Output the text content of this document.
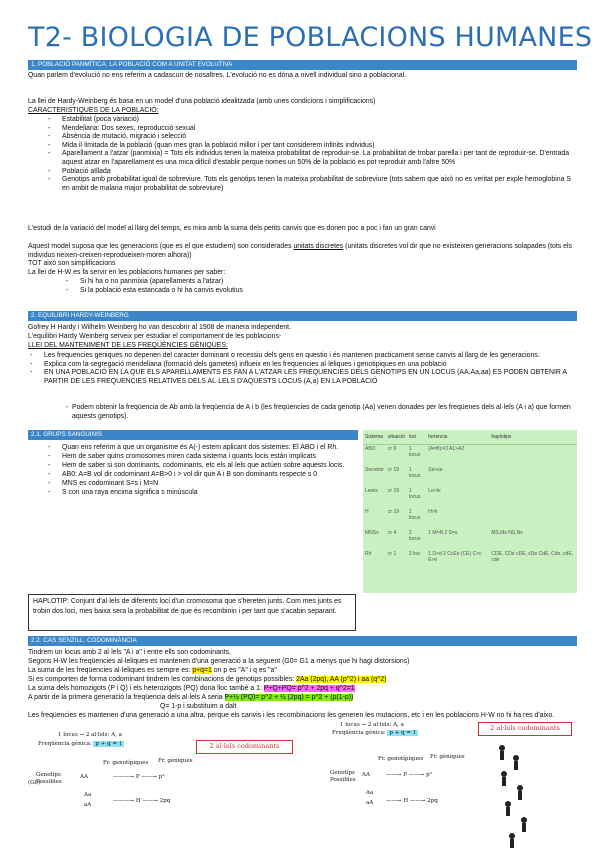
T2- BIOLOGIA DE POBLACIONS HUMANES
1. POBLACIÓ PANMÍTICA: LA POBLACIÓ COM A UNITAT EVOLUTIVA
Quan parlem d'evolució no ens referim a cadascun de nosaltres. L'evolució no es dóna a nivell individual sino a poblacional.
La llei de Hardy-Weinberg és basa en un model d'una població idealitzada (amb unes condicions i simplificacions)
CARACTERISTIQUES DE LA POBLACIÓ:
- Estabilitat (poca variació)
- Mendeliana: Dos sexes, reproducció sexual
- Absència de mutació, migració i selecció
- Mida il·limitada de la població (quan mes gran la població millor i per tant considerem infinits individus)
- Aparellament a l'atzar (panmixia) = Tots els individus tenen la mateixa probabilitat de reproduir-se. La probabilitat de trobar parella i per tant de reproduir-se. D'entrada aquest atzar en l'aparellament es una mica difícil d'establir perque nomes un 50% de la població es pot reproduir amb l'altre 50%
- Població aïllada
- Genotips amb probabilitat igual de sobreviure. Tots els genotips tenen la mateixa probabilitat de sobreviure (tots sabem que això no es veritat per exple hemoglobina S en ambit de malaria major probabilitat de sobreviure)
L'estudi de la variació del model al llarg del temps, es mira amb la suma dels petits canvis que es donen poc a poc i fan un gran canvi
Aquest model suposa que les generacions (que es el que estudiem) son considerades unitats discretes (unitats discretes vol dir que no existeixen generacions solapades (tots els individus neixen-creixen-reprodueixen-moren alhora))
TOT això son simplificacions
La llei de H-W es fa servir en les poblacions humanes per saber:
- Si hi ha o no panmixia (aparellaments a l'atzar)
- Si la població esta estancada o hi ha canvis evolutius
2. EQUILIBRI HARDY-WEINBERG
Gofrey H Hardy i Wilhelm Weinberg ho van descobrir al 1908 de manera independent.
L'equilibri Hardy Weinberg serveix per estudiar el comportament de les poblacions-
LLEI DEL MANTENIMENT DE LES FREQÜÈNCIES GÈNIQUES:
- Les frequencies geniques no depenen del caracter dominant o recessiu dels gens en questio i és mantenen practicament sense canvis al llarg de les generacions.
- Explica com la segregació mendeliana (formació dels gametes) influeix en les frequencies al·leliques i genotipiques en una població
- EN UNA POBLACIÓ EN LA QUE ELS APARELLAMENTS ES FAN A L'ATZAR LES FREQUENCIES DELS GENOTIPS EN UN LOCUS (AA,Aa,aa) ES PODEN OBTENIR A PARTIR DE LES FREQUENCIES RELATIVES DELS AL·LELS D'AQUESTS LOCUS (A,a) EN LA POBLACIÓ
- Podem obtenir la freqüencia de Ab amb la freqüencia de A i b (les freqüencies de cada genotip (Aa) venen donades per les freqüenes dels al·lels (A i a) que formen aquests genotips).
2.1. GRUPS SANGUINIS
- Quan ens referim a que un organisme és A(-) estem aplicant dos sistemes: El ABO i el Rh.
- Hem de saber quins cromosomes miren cada sistema i quants locis están implicats
- Hem de saber si son dominants, codominants, etc els al·lels que actúen sobre aquests locis.
- AB0: A=B vol dir codominant A=B>0 i > vol dir que A i B son dominants respecte s 0
- MNS es codominant S=s i M=N
- S con una raya encima significa s minúscula
Sistema	situació	loci	herencia	haplotips
ABO	cr 9	1 locus	(A=B)>O A1>A2	
Secretor	cr 19	1 locus	Se>se	
Lewis	cr 19	1 locus	Le>le	
H	cr 19	1 locus	H>h	
MNSs	cr 4	2 locus	1 M=N 2 S=s	MS,Ms NS,Ns
Rh	cr 1	2 loci	1 D>d 2 CcEe (CE) C>c E>e	CDE, CDe cDE, cDe CdE, Cde, cdE, cde
HAPLOTIP: Conjunt d'al·lels de diferents loci d'un cromosoma que s'hereten junts. Com mes junts es trobin dos loci, mes baixa sera la probabilitat de que és recombinin i per tant que s'acabin separant.
2.2. CAS SENZILL: CODOMINÀNCIA
Tindrem un locus amb 2 al·lels "A i a" i entre ells son codominants.
Segons H-W les freqüencies al·leliques es mantenen d'una generació a la seguent (G0= G1 a menys que hi hagi distorsions)
La suma de les freqüencies al·leliques es sempre es: p+q=1 on p es "A" i q es "a"
Si es comporten de forma codominant tindrem les combinacions de genotips possibles: 2Aa (2pq), AA (p^2) i aa (q^2)
La suma dels homozigots (P i Q) i els heterozigots (PQ) dona lloc també a 1: P+Q+PQ= p^2 + 2pq + q^2=1
A partir de la primera generació la freqüencia dels al·lels A seria P+½ (PQ)= p^2 + ½ (2pq) = p^2 + (p(1-p))
Q= 1-p i substituim a dalt
Les freqüencies es mantenen d'una generació a una altra, perque els canvis i les recombinacions les generen les mutacions, etc i en les poblacions H-W no hi ha res d'aixo.
1 locus → 2 al·lels: A, a
Freqüència gènica: p + q = 1	2 al·lels codominants
Fr. genotípiques Fr. gèniques
(G0)
Genotips Possibles
AA
Aa
aA
———→ P ——→ p²
———→ H ——→ 2pq
1 locus → 2 al·lels: A, a
Freqüència gènica: p + q = 1
2 al·lels codominants
Fr. genotípiques Fr. gèniques
Genotips Possibles
AA
Aa
aA
——→ P ——→ p²
——→ H ——→ 2pq
